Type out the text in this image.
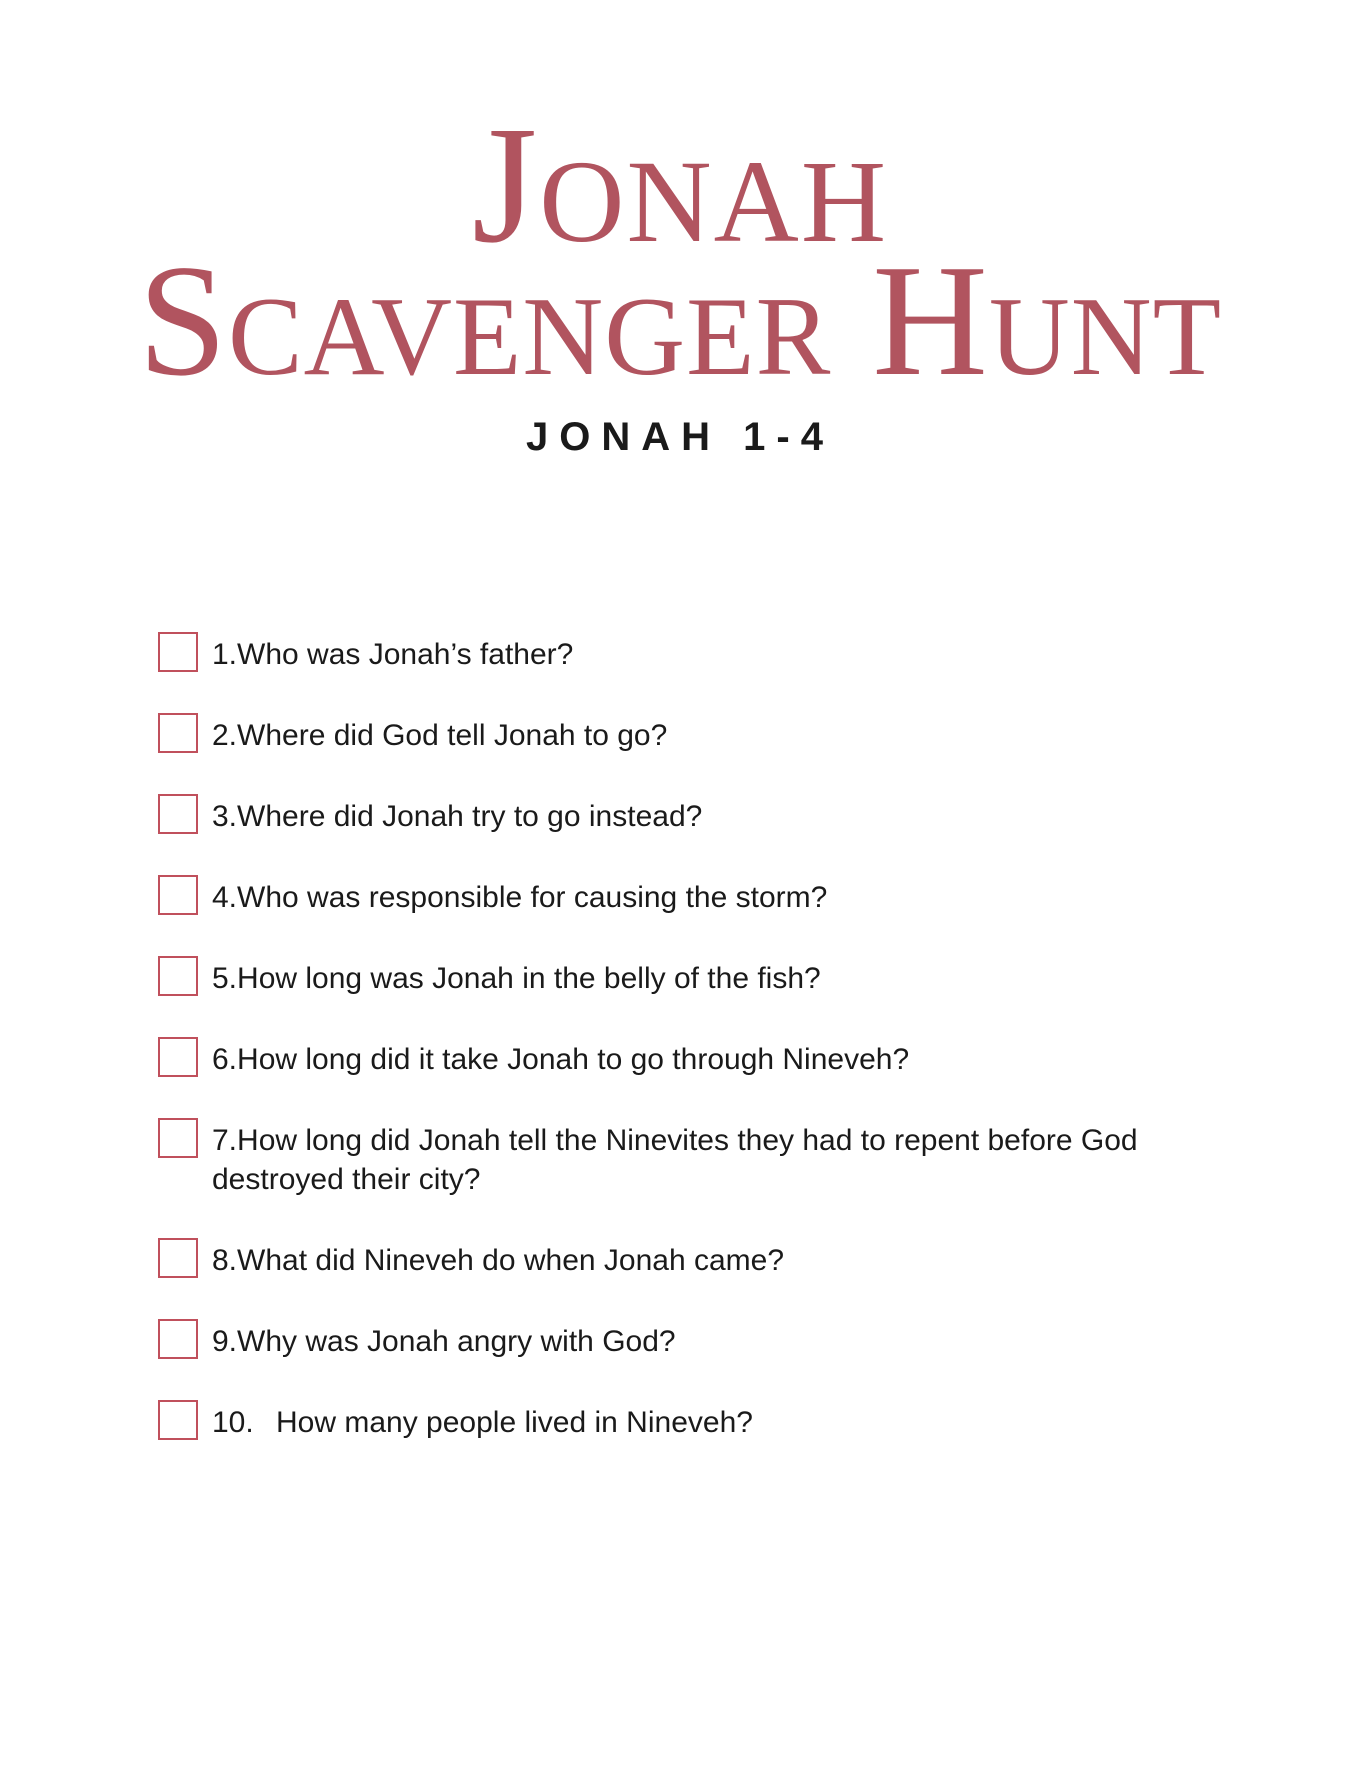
Jonah
Scavenger Hunt
JONAH 1-4
1.Who was Jonah’s father?
2.Where did God tell Jonah to go?
3.Where did Jonah try to go instead?
4.Who was responsible for causing the storm?
5.How long was Jonah in the belly of the fish?
6.How long did it take Jonah to go through Nineveh?
7.How long did Jonah tell the Ninevites they had to repent before God destroyed their city?
8.What did Nineveh do when Jonah came?
9.Why was Jonah angry with God?
10. How many people lived in Nineveh?
